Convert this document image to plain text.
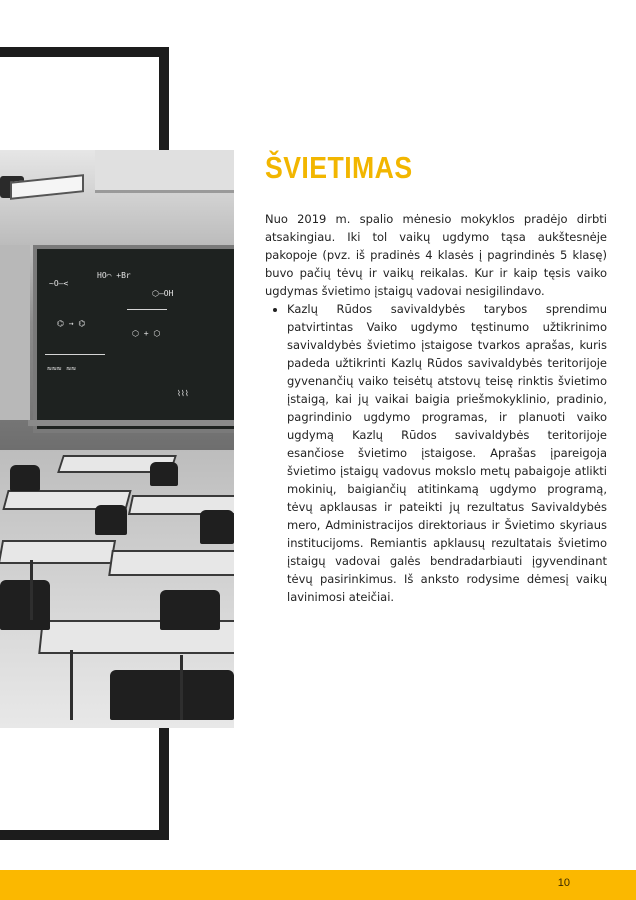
~O—<
HO⌒ +Br
⬡—OH
⌬ → ⌬
⬡ + ⬡
≈≈≈ ≈≈
⌇⌇⌇
ŠVIETIMAS

Nuo 2019 m. spalio mėnesio mokyklos pradėjo dirbti atsakingiau. Iki tol vaikų ugdymo tąsa aukštesnėje pakopoje (pvz. iš pradinės 4 klasės į pagrindinės 5 klasę) buvo pačių tėvų ir vaikų reikalas. Kur ir kaip tęsis vaiko ugdymas švietimo įstaigų vadovai nesigilindavo.

• Kazlų Rūdos savivaldybės tarybos sprendimu patvirtintas Vaiko ugdymo tęstinumo užtikrinimo savivaldybės švietimo įstaigose tvarkos aprašas, kuris padeda užtikrinti Kazlų Rūdos savivaldybės teritorijoje gyvenančių vaiko teisėtų atstovų teisę rinktis švietimo įstaigą, kai jų vaikai baigia priešmokyklinio, pradinio, pagrindinio ugdymo programas, ir planuoti vaiko ugdymą Kazlų Rūdos savivaldybės teritorijoje esančiose švietimo įstaigose. Aprašas įpareigoja švietimo įstaigų vadovus mokslo metų pabaigoje atlikti mokinių, baigiančių atitinkamą ugdymo programą, tėvų apklausas ir pateikti jų rezultatus Savivaldybės mero, Administracijos direktoriaus ir Švietimo skyriaus institucijoms. Remiantis apklausų rezultatais švietimo įstaigų vadovai galės bendradarbiauti įgyvendinant tėvų pasirinkimus. Iš anksto rodysime dėmesį vaikų lavinimosi ateičiai.
10
